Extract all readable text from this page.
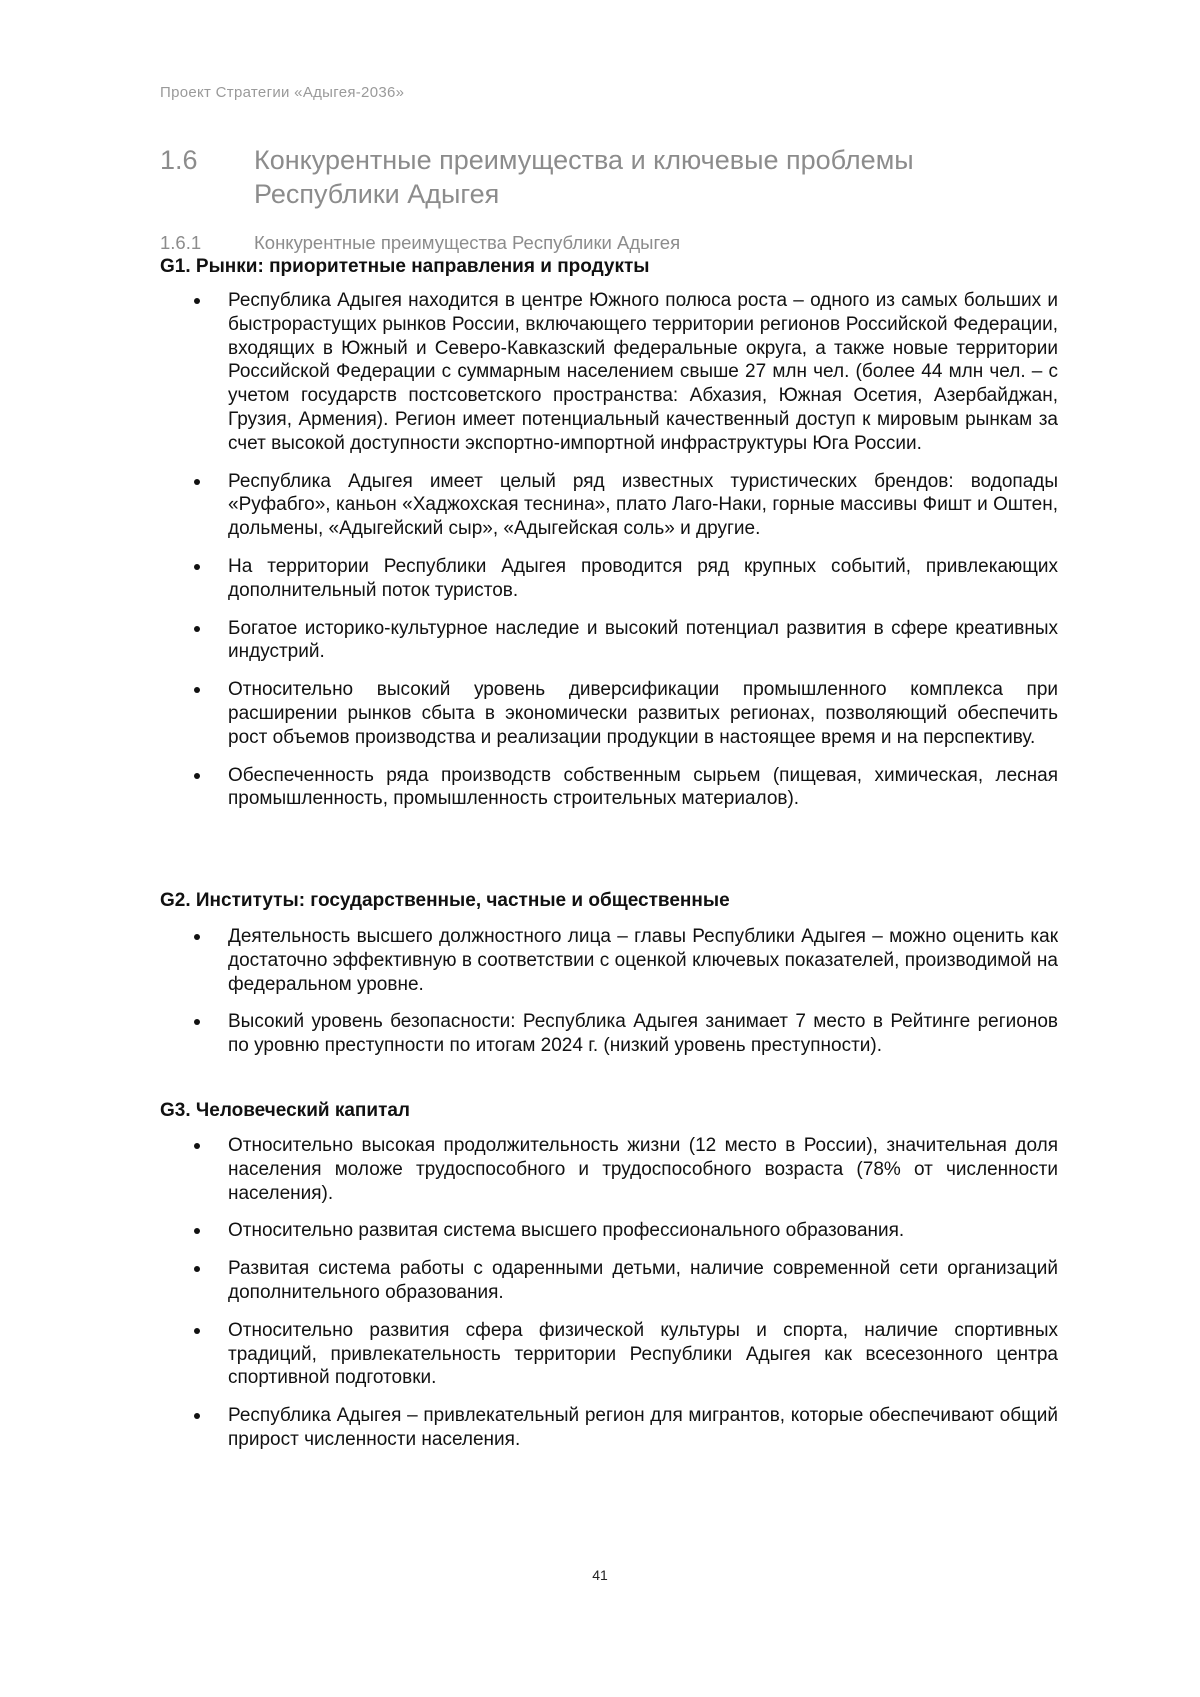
Проект Стратегии «Адыгея-2036»
1.6	Конкурентные преимущества и ключевые проблемы Республики Адыгея
1.6.1	Конкурентные преимущества Республики Адыгея
G1. Рынки: приоритетные направления и продукты
Республика Адыгея находится в центре Южного полюса роста – одного из самых больших и быстрорастущих рынков России, включающего территории регионов Российской Федерации, входящих в Южный и Северо-Кавказский федеральные округа, а также новые территории Российской Федерации с суммарным населением свыше 27 млн чел. (более 44 млн чел. – с учетом государств постсоветского пространства: Абхазия, Южная Осетия, Азербайджан, Грузия, Армения). Регион имеет потенциальный качественный доступ к мировым рынкам за счет высокой доступности экспортно-импортной инфраструктуры Юга России.
Республика Адыгея имеет целый ряд известных туристических брендов: водопады «Руфабго», каньон «Хаджохская теснина», плато Лаго-Наки, горные массивы Фишт и Оштен, дольмены, «Адыгейский сыр», «Адыгейская соль» и другие.
На территории Республики Адыгея проводится ряд крупных событий, привлекающих дополнительный поток туристов.
Богатое историко-культурное наследие и высокий потенциал развития в сфере креативных индустрий.
Относительно высокий уровень диверсификации промышленного комплекса при расширении рынков сбыта в экономически развитых регионах, позволяющий обеспечить рост объемов производства и реализации продукции в настоящее время и на перспективу.
Обеспеченность ряда производств собственным сырьем (пищевая, химическая, лесная промышленность, промышленность строительных материалов).
G2. Институты: государственные, частные и общественные
Деятельность высшего должностного лица – главы Республики Адыгея – можно оценить как достаточно эффективную в соответствии с оценкой ключевых показателей, производимой на федеральном уровне.
Высокий уровень безопасности: Республика Адыгея занимает 7 место в Рейтинге регионов по уровню преступности по итогам 2024 г. (низкий уровень преступности).
G3. Человеческий капитал
Относительно высокая продолжительность жизни (12 место в России), значительная доля населения моложе трудоспособного и трудоспособного возраста (78% от численности населения).
Относительно развитая система высшего профессионального образования.
Развитая система работы с одаренными детьми, наличие современной сети организаций дополнительного образования.
Относительно развития сфера физической культуры и спорта, наличие спортивных традиций, привлекательность территории Республики Адыгея как всесезонного центра спортивной подготовки.
Республика Адыгея – привлекательный регион для мигрантов, которые обеспечивают общий прирост численности населения.
41
